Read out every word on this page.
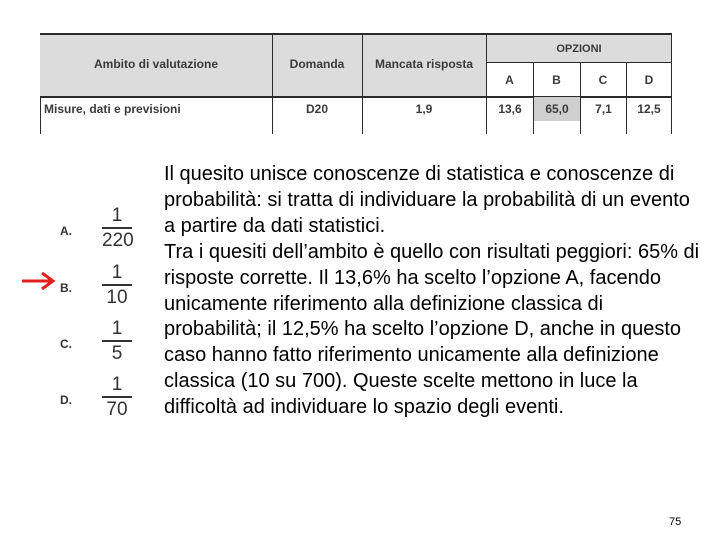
Ambito di valutazione	Domanda	Mancata risposta
OPZIONI
A	B	C	D
Misure, dati e previsioni	D20	1,9	13,6	65,0	7,1	12,5
A.
1
220
B.
1
10
C.
1
5
D.
1
70

Il quesito unisce conoscenze di statistica e conoscenze di probabilità: si tratta di individuare la probabilità di un evento a partire da dati statistici.

Tra i quesiti dell’ambito è quello con risultati peggiori: 65% di risposte corrette. Il 13,6% ha scelto l’opzione A, facendo unicamente riferimento alla definizione classica di probabilità; il 12,5% ha scelto l’opzione D, anche in questo caso hanno fatto riferimento unicamente alla definizione classica (10 su 700). Queste scelte mettono in luce la difficoltà ad individuare lo spazio degli eventi.

75
